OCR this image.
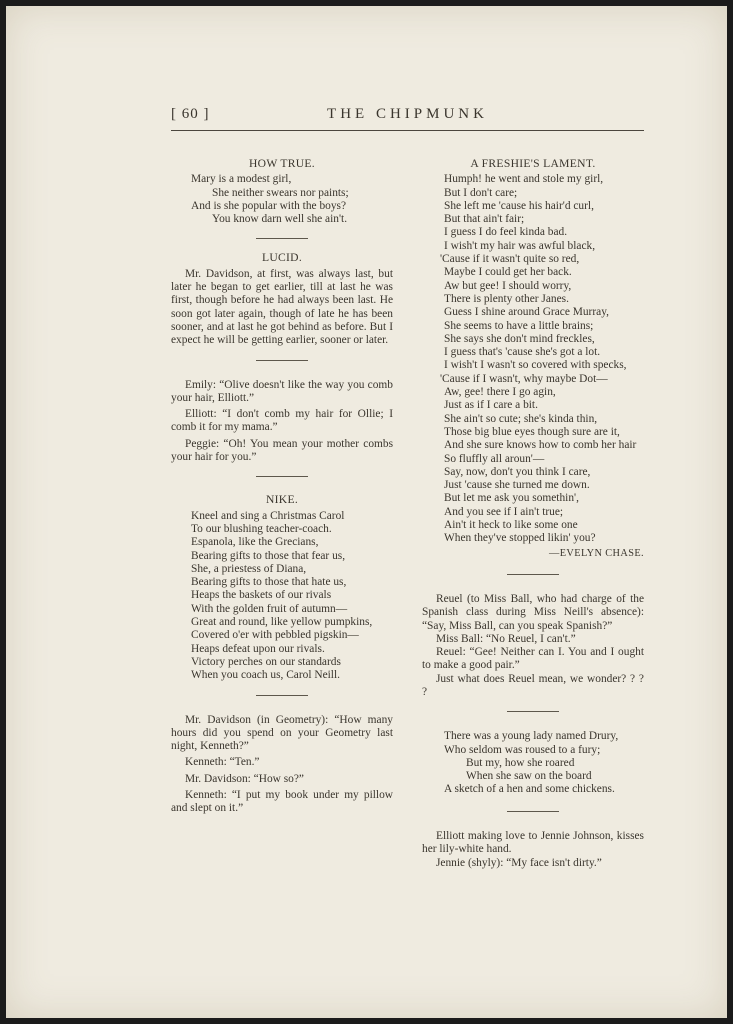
[ 60 ]	THE CHIPMUNK
HOW TRUE.
Mary is a modest girl,
She neither swears nor paints;
And is she popular with the boys?
You know darn well she ain't.
LUCID.

Mr. Davidson, at first, was always last, but later he began to get earlier, till at last he was first, though before he had always been last. He soon got later again, though of late he has been sooner, and at last he got behind as before. But I expect he will be getting earlier, sooner or later.

Emily: “Olive doesn't like the way you comb your hair, Elliott.”

Elliott: “I don't comb my hair for Ollie; I comb it for my mama.”

Peggie: “Oh! You mean your mother combs your hair for you.”

NIKE.
Kneel and sing a Christmas Carol
To our blushing teacher-coach.
Espanola, like the Grecians,
Bearing gifts to those that fear us,
She, a priestess of Diana,
Bearing gifts to those that hate us,
Heaps the baskets of our rivals
With the golden fruit of autumn—
Great and round, like yellow pumpkins,
Covered o'er with pebbled pigskin—
Heaps defeat upon our rivals.
Victory perches on our standards
When you coach us, Carol Neill.

Mr. Davidson (in Geometry): “How many hours did you spend on your Geometry last night, Kenneth?”

Kenneth: “Ten.”

Mr. Davidson: “How so?”

Kenneth: “I put my book under my pillow and slept on it.”

A FRESHIE'S LAMENT.
Humph! he went and stole my girl,
But I don't care;
She left me 'cause his hair'd curl,
But that ain't fair;
I guess I do feel kinda bad.
I wish't my hair was awful black,
'Cause if it wasn't quite so red,
Maybe I could get her back.
Aw but gee! I should worry,
There is plenty other Janes.
Guess I shine around Grace Murray,
She seems to have a little brains;
She says she don't mind freckles,
I guess that's 'cause she's got a lot.
I wish't I wasn't so covered with specks,
'Cause if I wasn't, why maybe Dot—
Aw, gee! there I go agin,
Just as if I care a bit.
She ain't so cute; she's kinda thin,
Those big blue eyes though sure are it,
And she sure knows how to comb her hair
So fluffly all aroun'—
Say, now, don't you think I care,
Just 'cause she turned me down.
But let me ask you somethin',
And you see if I ain't true;
Ain't it heck to like some one
When they've stopped likin' you?
—EVELYN CHASE.

Reuel (to Miss Ball, who had charge of the Spanish class during Miss Neill's absence): “Say, Miss Ball, can you speak Spanish?”

Miss Ball: “No Reuel, I can't.”

Reuel: “Gee! Neither can I. You and I ought to make a good pair.”

Just what does Reuel mean, we wonder? ? ? ?

There was a young lady named Drury,
Who seldom was roused to a fury;
But my, how she roared
When she saw on the board
A sketch of a hen and some chickens.

Elliott making love to Jennie Johnson, kisses her lily-white hand.

Jennie (shyly): “My face isn't dirty.”
